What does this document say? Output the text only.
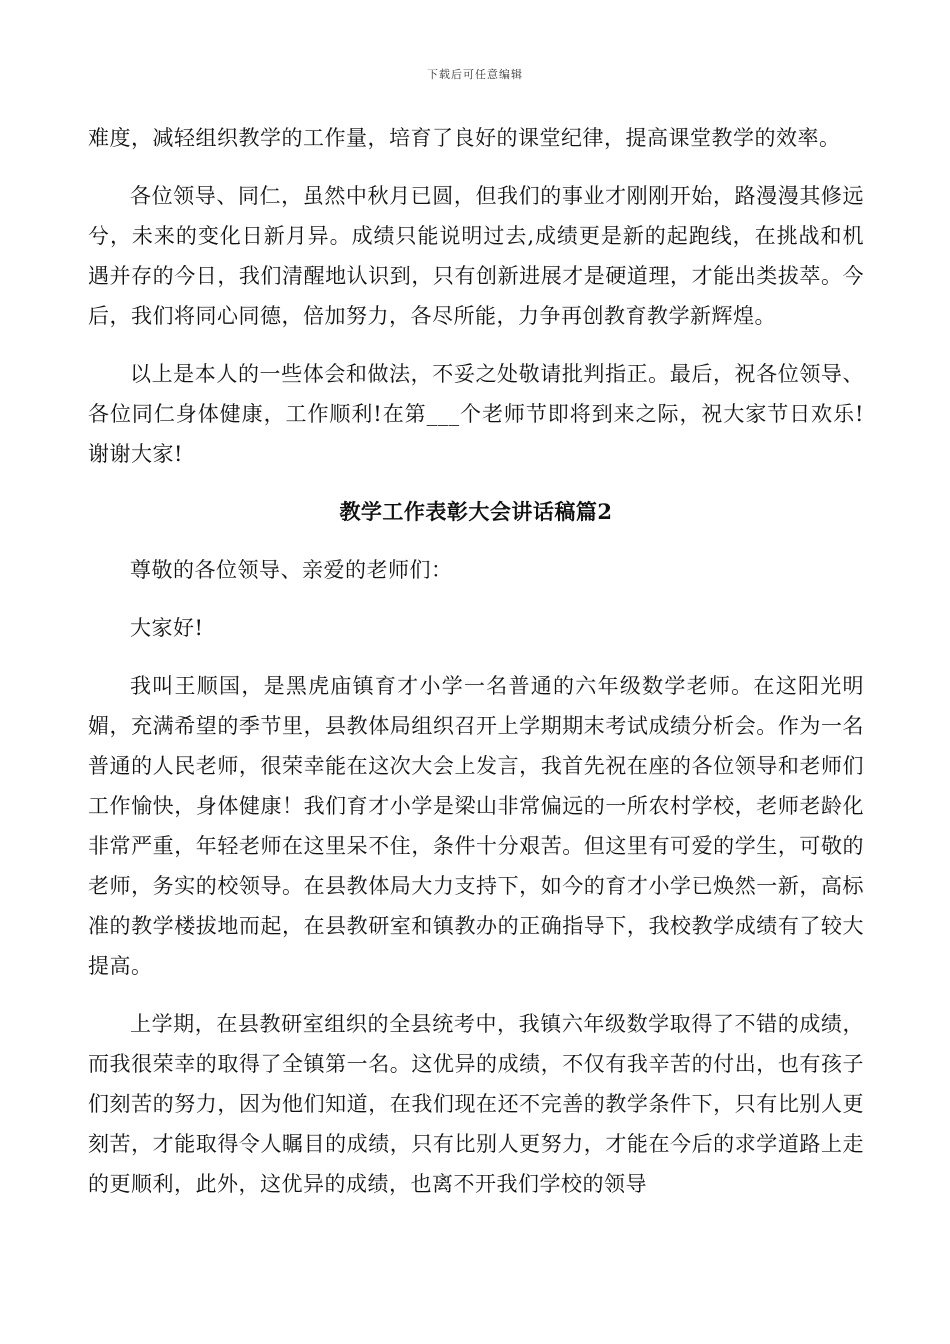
下载后可任意编辑

难度，减轻组织教学的工作量，培育了良好的课堂纪律，提高课堂教学的效率。

各位领导、同仁，虽然中秋月已圆，但我们的事业才刚刚开始，路漫漫其修远兮，未来的变化日新月异。成绩只能说明过去,成绩更是新的起跑线，在挑战和机遇并存的今日，我们清醒地认识到，只有创新进展才是硬道理，才能出类拔萃。今后，我们将同心同德，倍加努力，各尽所能，力争再创教育教学新辉煌。

以上是本人的一些体会和做法，不妥之处敬请批判指正。最后，祝各位领导、各位同仁身体健康，工作顺利!在第___个老师节即将到来之际，祝大家节日欢乐!谢谢大家!

教学工作表彰大会讲话稿篇2

尊敬的各位领导、亲爱的老师们：

大家好!

我叫王顺国，是黑虎庙镇育才小学一名普通的六年级数学老师。在这阳光明媚，充满希望的季节里，县教体局组织召开上学期期末考试成绩分析会。作为一名普通的人民老师，很荣幸能在这次大会上发言，我首先祝在座的各位领导和老师们工作愉快，身体健康！我们育才小学是梁山非常偏远的一所农村学校，老师老龄化非常严重，年轻老师在这里呆不住，条件十分艰苦。但这里有可爱的学生，可敬的老师，务实的校领导。在县教体局大力支持下，如今的育才小学已焕然一新，高标准的教学楼拔地而起，在县教研室和镇教办的正确指导下，我校教学成绩有了较大提高。

上学期，在县教研室组织的全县统考中，我镇六年级数学取得了不错的成绩，而我很荣幸的取得了全镇第一名。这优异的成绩，不仅有我辛苦的付出，也有孩子们刻苦的努力，因为他们知道，在我们现在还不完善的教学条件下，只有比别人更刻苦，才能取得令人瞩目的成绩，只有比别人更努力，才能在今后的求学道路上走的更顺利，此外，这优异的成绩，也离不开我们学校的领导
